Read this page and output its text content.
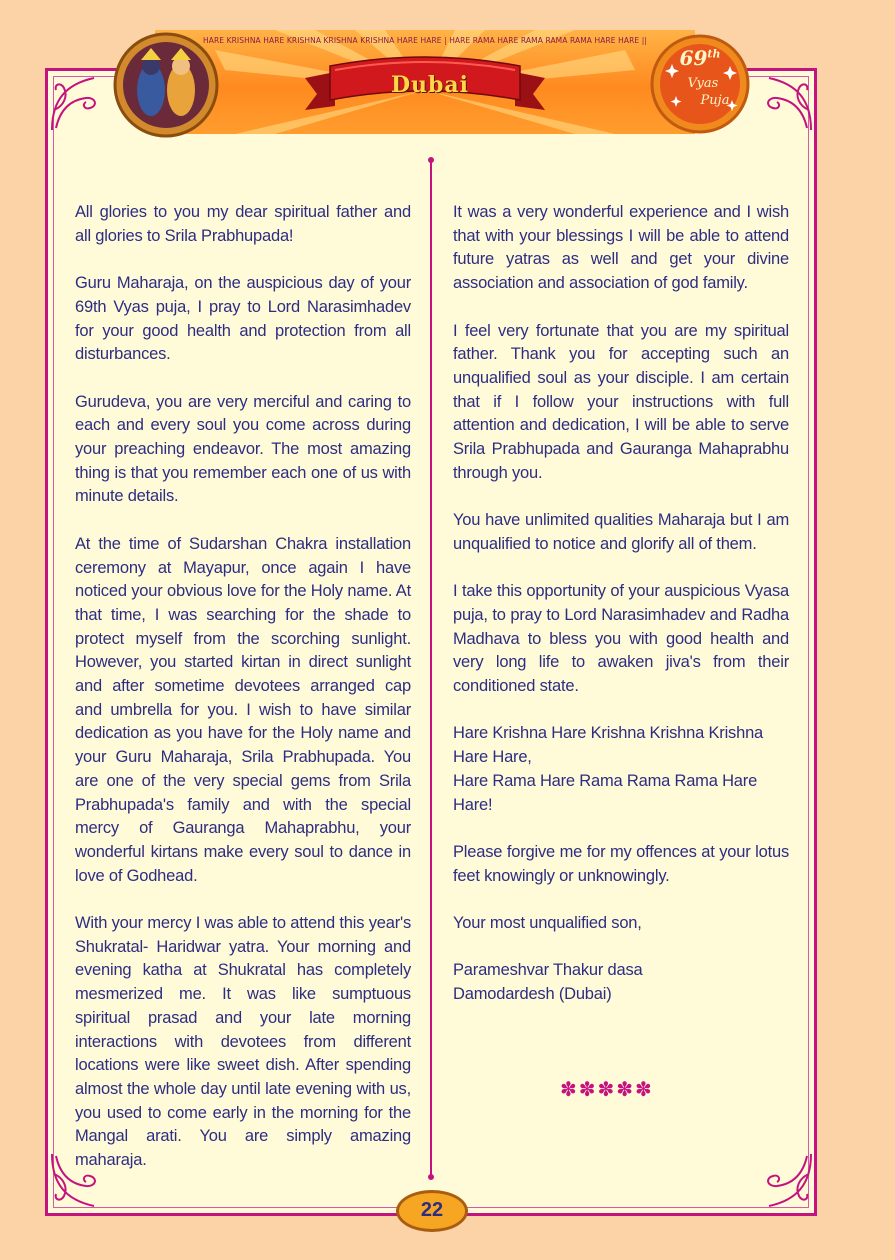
HARE KRISHNA HARE KRISHNA KRISHNA KRISHNA HARE HARE | HARE RAMA HARE RAMA RAMA RAMA HARE HARE ||
Dubai
69th
Vyas
Puja

All glories to you my dear spiritual father and all glories to Srila Prabhupada!

Guru Maharaja, on the auspicious day of your 69th Vyas puja, I pray to Lord Narasimhadev for your good health and protection from all disturbances.

Gurudeva, you are very merciful and caring to each and every soul you come across during your preaching endeavor. The most amazing thing is that you remember each one of us with minute details.

At the time of Sudarshan Chakra installation ceremony at Mayapur, once again I have noticed your obvious love for the Holy name. At that time, I was searching for the shade to protect myself from the scorching sunlight. However, you started kirtan in direct sunlight and after sometime devotees arranged cap and umbrella for you. I wish to have similar dedication as you have for the Holy name and your Guru Maharaja, Srila Prabhupada. You are one of the very special gems from Srila Prabhupada's family and with the special mercy of Gauranga Mahaprabhu, your wonderful kirtans make every soul to dance in love of Godhead.

With your mercy I was able to attend this year's Shukratal- Haridwar yatra. Your morning and evening katha at Shukratal has completely mesmerized me. It was like sumptuous spiritual prasad and your late morning interactions with devotees from different locations were like sweet dish. After spending almost the whole day until late evening with us, you used to come early in the morning for the Mangal arati. You are simply amazing maharaja.

It was a very wonderful experience and I wish that with your blessings I will be able to attend future yatras as well and get your divine association and association of god family.

I feel very fortunate that you are my spiritual father. Thank you for accepting such an unqualified soul as your disciple. I am certain that if I follow your instructions with full attention and dedication, I will be able to serve Srila Prabhupada and Gauranga Mahaprabhu through you.

You have unlimited qualities Maharaja but I am unqualified to notice and glorify all of them.

I take this opportunity of your auspicious Vyasa puja, to pray to Lord Narasimhadev and Radha Madhava to bless you with good health and very long life to awaken jiva's from their conditioned state.

Hare Krishna Hare Krishna Krishna Krishna Hare Hare,
Hare Rama Hare Rama Rama Rama Hare Hare!

Please forgive me for my offences at your lotus feet knowingly or unknowingly.

Your most unqualified son,

Parameshvar Thakur dasa

Damodardesh (Dubai)

✽✽✽✽✽
22
